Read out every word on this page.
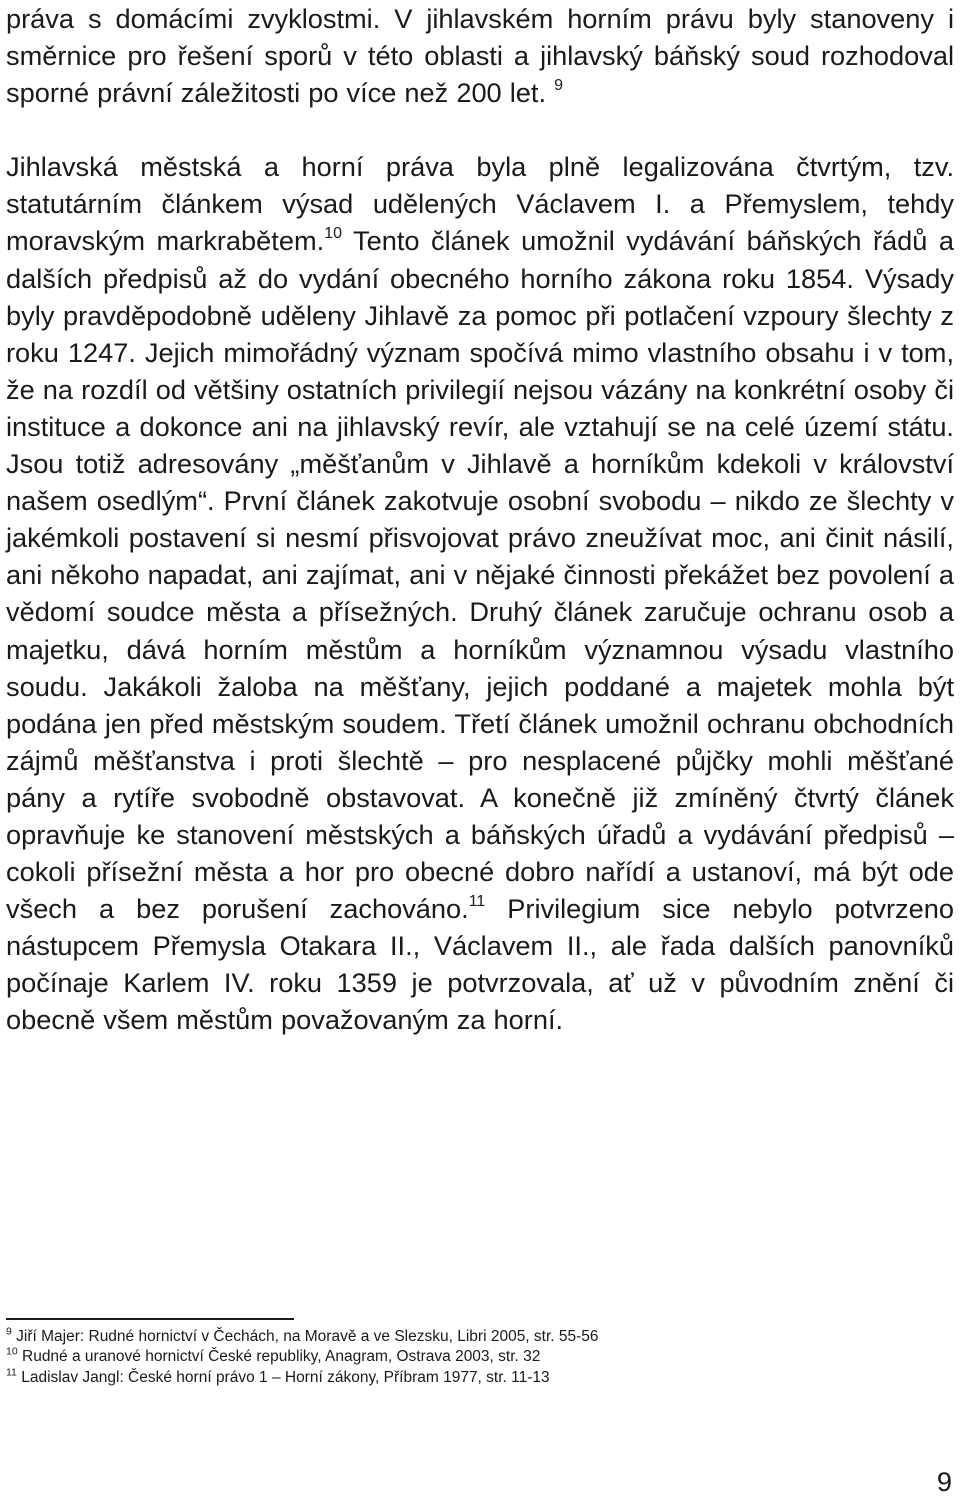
práva s domácími zvyklostmi. V jihlavském horním právu byly stanoveny i směrnice pro řešení sporů v této oblasti a jihlavský báňský soud rozhodoval sporné právní záležitosti po více než 200 let. $^9$

Jihlavská městská a horní práva byla plně legalizována čtvrtým, tzv. statutárním článkem výsad udělených Václavem I. a Přemyslem, tehdy moravským markrabětem.$^{10}$ Tento článek umožnil vydávání báňských řádů a dalších předpisů až do vydání obecného horního zákona roku 1854. Výsady byly pravděpodobně uděleny Jihlavě za pomoc při potlačení vzpoury šlechty z roku 1247. Jejich mimořádný význam spočívá mimo vlastního obsahu i v tom, že na rozdíl od většiny ostatních privilegií nejsou vázány na konkrétní osoby či instituce a dokonce ani na jihlavský revír, ale vztahují se na celé území státu. Jsou totiž adresovány „měšťanům v Jihlavě a horníkům kdekoli v království našem osedlým“. První článek zakotvuje osobní svobodu – nikdo ze šlechty v jakémkoli postavení si nesmí přisvojovat právo zneužívat moc, ani činit násilí, ani někoho napadat, ani zajímat, ani v nějaké činnosti překážet bez povolení a vědomí soudce města a přísežných. Druhý článek zaručuje ochranu osob a majetku, dává horním městům a horníkům významnou výsadu vlastního soudu. Jakákoli žaloba na měšťany, jejich poddané a majetek mohla být podána jen před městským soudem. Třetí článek umožnil ochranu obchodních zájmů měšťanstva i proti šlechtě – pro nesplacené půjčky mohli měšťané pány a rytíře svobodně obstavovat. A konečně již zmíněný čtvrtý článek opravňuje ke stanovení městských a báňských úřadů a vydávání předpisů – cokoli přísežní města a hor pro obecné dobro nařídí a ustanoví, má být ode všech a bez porušení zachováno.$^{11}$ Privilegium sice nebylo potvrzeno nástupcem Přemysla Otakara II., Václavem II., ale řada dalších panovníků počínaje Karlem IV. roku 1359 je potvrzovala, ať už v původním znění či obecně všem městům považovaným za horní.

$^9$ Jiří Majer: Rudné hornictví v Čechách, na Moravě a ve Slezsku, Libri 2005, str. 55-56

$^{10}$ Rudné a uranové hornictví České republiky, Anagram, Ostrava 2003, str. 32

$^{11}$ Ladislav Jangl: České horní právo 1 – Horní zákony, Příbram 1977, str. 11-13

9
